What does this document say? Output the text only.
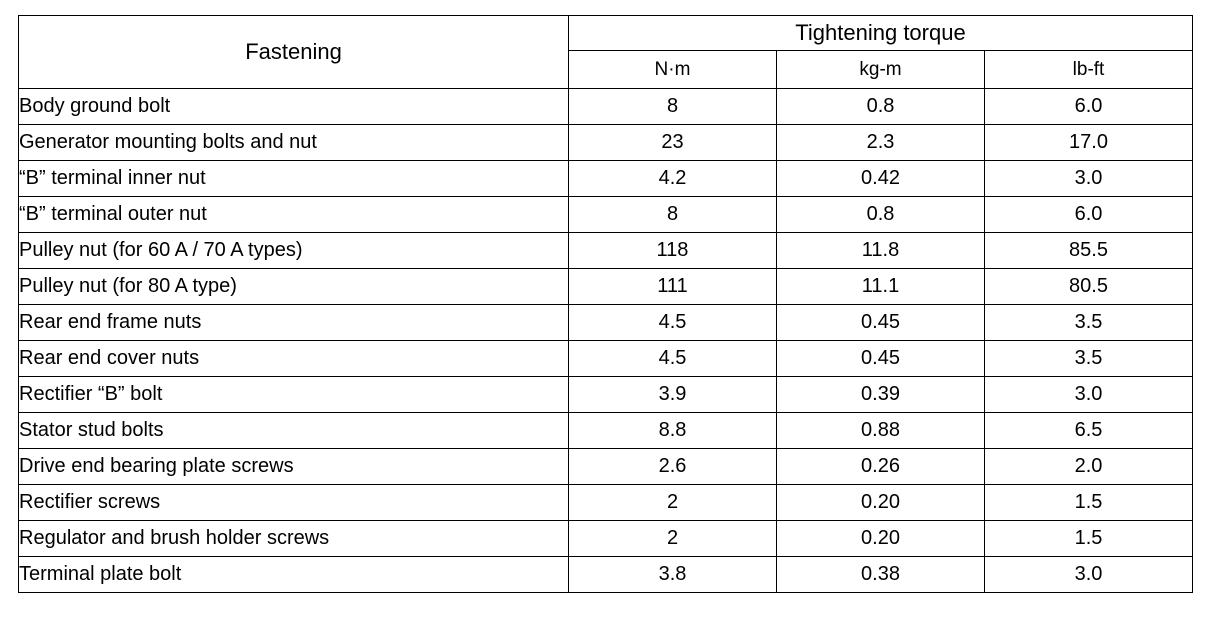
Fastening	Tightening torque		
	N·m	kg-m	lb-ft
Body ground bolt	8	0.8	6.0
Generator mounting bolts and nut	23	2.3	17.0
“B” terminal inner nut	4.2	0.42	3.0
“B” terminal outer nut	8	0.8	6.0
Pulley nut (for 60 A / 70 A types)	118	11.8	85.5
Pulley nut (for 80 A type)	111	11.1	80.5
Rear end frame nuts	4.5	0.45	3.5
Rear end cover nuts	4.5	0.45	3.5
Rectifier “B” bolt	3.9	0.39	3.0
Stator stud bolts	8.8	0.88	6.5
Drive end bearing plate screws	2.6	0.26	2.0
Rectifier screws	2	0.20	1.5
Regulator and brush holder screws	2	0.20	1.5
Terminal plate bolt	3.8	0.38	3.0
